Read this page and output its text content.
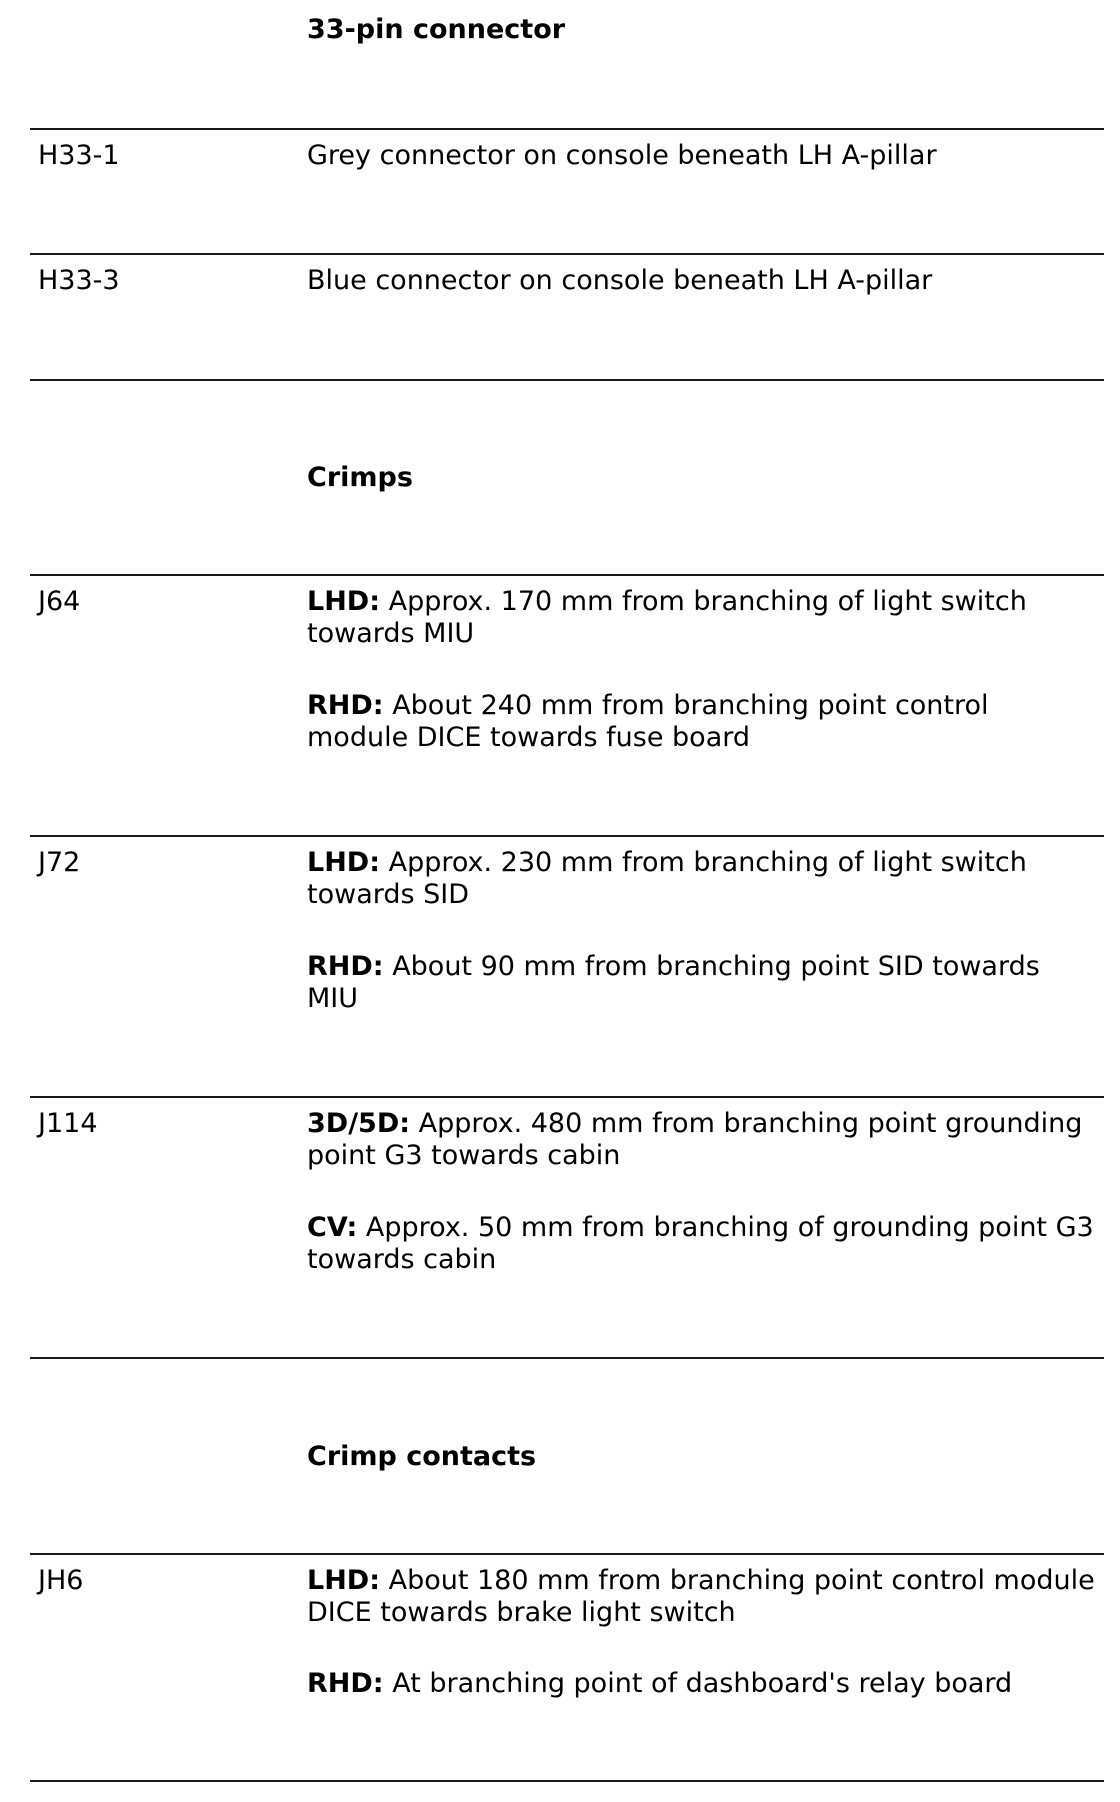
33-pin connector
H33-1	Grey connector on console beneath LH A-pillar
H33-3	Blue connector on console beneath LH A-pillar
Crimps
J64	LHD: Approx. 170 mm from branching of light switch towards MIU
RHD: About 240 mm from branching point control module DICE towards fuse board
J72	LHD: Approx. 230 mm from branching of light switch towards SID
RHD: About 90 mm from branching point SID towards MIU
J114	3D/5D: Approx. 480 mm from branching point grounding point G3 towards cabin
CV: Approx. 50 mm from branching of grounding point G3 towards cabin
Crimp contacts
JH6	LHD: About 180 mm from branching point control module DICE towards brake light switch
RHD: At branching point of dashboard's relay board
